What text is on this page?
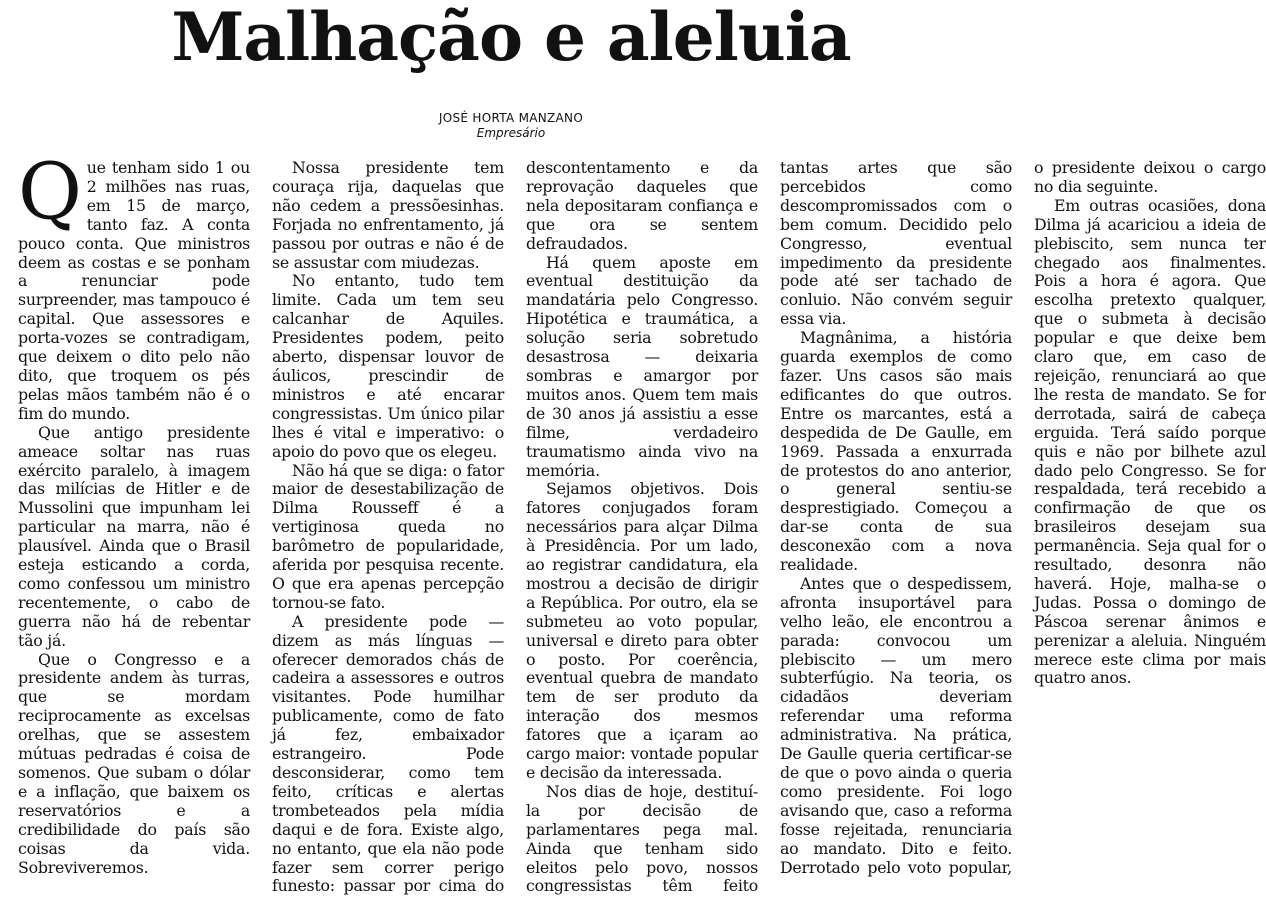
Malhação e aleluia
JOSÉ HORTA MANZANO
Empresário

Que tenham sido 1 ou 2 milhões nas ruas, em 15 de março, tanto faz. A conta pouco conta. Que ministros deem as costas e se ponham a renunciar pode surpreender, mas tampouco é capital. Que assessores e porta-vozes se contradigam, que deixem o dito pelo não dito, que troquem os pés pelas mãos também não é o fim do mundo.

Que antigo presidente ameace soltar nas ruas exército paralelo, à imagem das milícias de Hitler e de Mussolini que impunham lei particular na marra, não é plausível. Ainda que o Brasil esteja esticando a corda, como confessou um ministro recentemente, o cabo de guerra não há de rebentar tão já.

Que o Congresso e a presidente andem às turras, que se mordam reciprocamente as excelsas orelhas, que se assestem mútuas pedradas é coisa de somenos. Que subam o dólar e a inflação, que baixem os reservatórios e a credibilidade do país são coisas da vida. Sobreviveremos.

Nossa presidente tem couraça rija, daquelas que não cedem a pressõesinhas. Forjada no enfrentamento, já passou por outras e não é de se assustar com miudezas.

No entanto, tudo tem limite. Cada um tem seu calcanhar de Aquiles. Presidentes podem, peito aberto, dispensar louvor de áulicos, prescindir de ministros e até encarar congressistas. Um único pilar lhes é vital e imperativo: o apoio do povo que os elegeu.

Não há que se diga: o fator maior de desestabilização de Dilma Rousseff é a vertiginosa queda no barômetro de popularidade, aferida por pesquisa recente. O que era apenas percepção tornou-se fato.

A presidente pode — dizem as más línguas — oferecer demorados chás de cadeira a assessores e outros visitantes. Pode humilhar publicamente, como de fato já fez, embaixador estrangeiro. Pode desconsiderar, como tem feito, críticas e alertas trombeteados pela mídia daqui e de fora. Existe algo, no entanto, que ela não pode fazer sem correr perigo funesto: passar por cima do descontentamento e da reprovação daqueles que nela depositaram confiança e que ora se sentem defraudados.

Há quem aposte em eventual destituição da mandatária pelo Congresso. Hipotética e traumática, a solução seria sobretudo desastrosa — deixaria sombras e amargor por muitos anos. Quem tem mais de 30 anos já assistiu a esse filme, verdadeiro traumatismo ainda vivo na memória.

Sejamos objetivos. Dois fatores conjugados foram necessários para alçar Dilma à Presidência. Por um lado, ao registrar candidatura, ela mostrou a decisão de dirigir a República. Por outro, ela se submeteu ao voto popular, universal e direto para obter o posto. Por coerência, eventual quebra de mandato tem de ser produto da interação dos mesmos fatores que a içaram ao cargo maior: vontade popular e decisão da interessada.

Nos dias de hoje, destituí-la por decisão de parlamentares pega mal. Ainda que tenham sido eleitos pelo povo, nossos congressistas têm feito tantas artes que são percebidos como descompromissados com o bem comum. Decidido pelo Congresso, eventual impedimento da presidente pode até ser tachado de conluio. Não convém seguir essa via.

Magnânima, a história guarda exemplos de como fazer. Uns casos são mais edificantes do que outros. Entre os marcantes, está a despedida de De Gaulle, em 1969. Passada a enxurrada de protestos do ano anterior, o general sentiu-se desprestigiado. Começou a dar-se conta de sua desconexão com a nova realidade.

Antes que o despedissem, afronta insuportável para velho leão, ele encontrou a parada: convocou um plebiscito — um mero subterfúgio. Na teoria, os cidadãos deveriam referendar uma reforma administrativa. Na prática, De Gaulle queria certificar-se de que o povo ainda o queria como presidente. Foi logo avisando que, caso a reforma fosse rejeitada, renunciaria ao mandato. Dito e feito. Derrotado pelo voto popular, o presidente deixou o cargo no dia seguinte.

Em outras ocasiões, dona Dilma já acariciou a ideia de plebiscito, sem nunca ter chegado aos finalmentes. Pois a hora é agora. Que escolha pretexto qualquer, que o submeta à decisão popular e que deixe bem claro que, em caso de rejeição, renunciará ao que lhe resta de mandato. Se for derrotada, sairá de cabeça erguida. Terá saído porque quis e não por bilhete azul dado pelo Congresso. Se for respaldada, terá recebido a confirmação de que os brasileiros desejam sua permanência. Seja qual for o resultado, desonra não haverá. Hoje, malha-se o Judas. Possa o domingo de Páscoa serenar ânimos e perenizar a aleluia. Ninguém merece este clima por mais quatro anos.
